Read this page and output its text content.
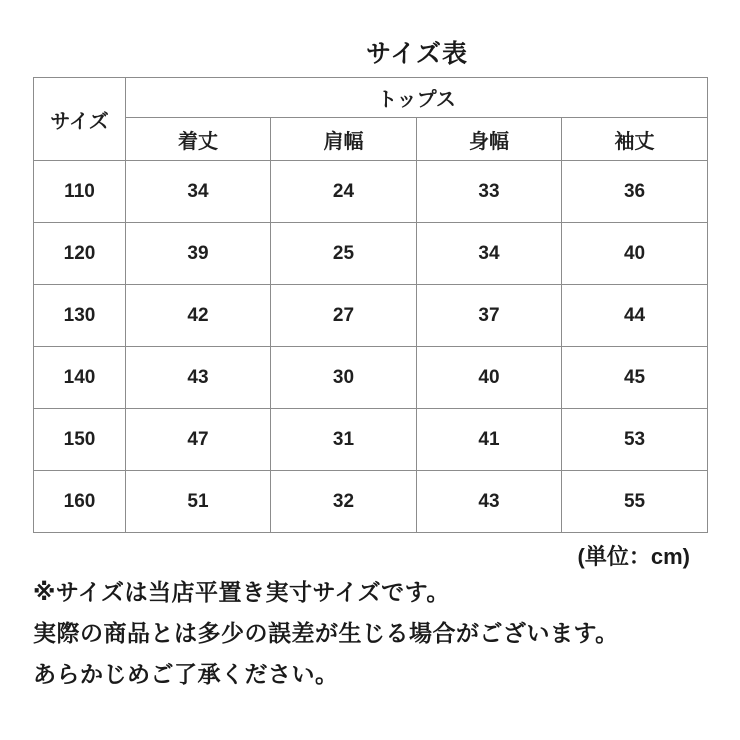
サイズ表
サイズ	トップス			
	着丈	肩幅	身幅	袖丈
110	34	24	33	36
120	39	25	34	40
130	42	27	37	44
140	43	30	40	45
150	47	31	41	53
160	51	32	43	55
(単位：cm)
※サイズは当店平置き実寸サイズです。
実際の商品とは多少の誤差が生じる場合がございます。
あらかじめご了承ください。
